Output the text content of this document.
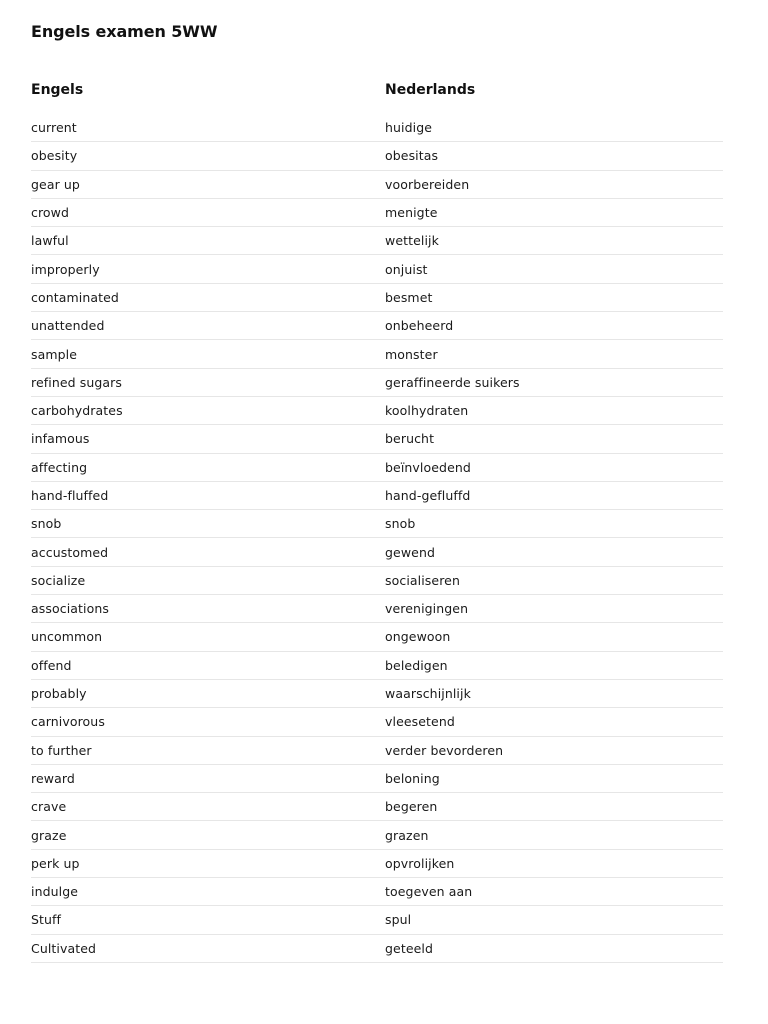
Engels examen 5WW
Engels	Nederlands
current	huidige
obesity	obesitas
gear up	voorbereiden
crowd	menigte
lawful	wettelijk
improperly	onjuist
contaminated	besmet
unattended	onbeheerd
sample	monster
refined sugars	geraffineerde suikers
carbohydrates	koolhydraten
infamous	berucht
affecting	beïnvloedend
hand-fluffed	hand-gefluffd
snob	snob
accustomed	gewend
socialize	socialiseren
associations	verenigingen
uncommon	ongewoon
offend	beledigen
probably	waarschijnlijk
carnivorous	vleesetend
to further	verder bevorderen
reward	beloning
crave	begeren
graze	grazen
perk up	opvrolijken
indulge	toegeven aan
Stuff	spul
Cultivated	geteeld
